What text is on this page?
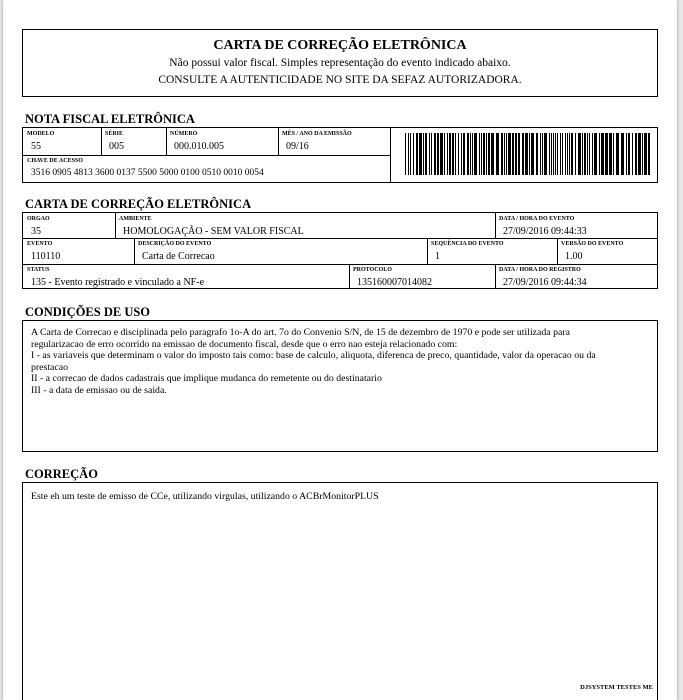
CARTA DE CORREÇÃO ELETRÔNICA
Não possui valor fiscal. Simples representação do evento indicado abaixo.
CONSULTE A AUTENTICIDADE NO SITE DA SEFAZ AUTORIZADORA.
NOTA FISCAL ELETRÔNICA
MODELO
55
SÉRIE
005
NÚMERO
000.010.005
MÊS / ANO DA EMISSÃO
09/16
CHAVE DE ACESSO
3516 0905 4813 3600 0137 5500 5000 0100 0510 0010 0054
CARTA DE CORREÇÃO ELETRÔNICA
ORGAO
35
AMBIENTE
HOMOLOGAÇÃO - SEM VALOR FISCAL
DATA / HORA DO EVENTO
27/09/2016 09:44:33
EVENTO
110110
DESCRIÇÃO DO EVENTO
Carta de Correcao
SEQUÊNCIA DO EVENTO
1
VERSÃO DO EVENTO
1.00
STATUS
135 - Evento registrado e vinculado a NF-e
PROTOCOLO
135160007014082
DATA / HORA DO REGISTRO
27/09/2016 09:44:34
CONDIÇÕES DE USO
A Carta de Correcao e disciplinada pelo paragrafo 1o-A do art. 7o do Convenio S/N, de 15 de dezembro de 1970 e pode ser utilizada para
regularizacao de erro ocorrido na emissao de documento fiscal, desde que o erro nao esteja relacionado com:
I - as variaveis que determinam o valor do imposto tais como: base de calculo, aliquota, diferenca de preco, quantidade, valor da operacao ou da
prestacao
II - a correcao de dados cadastrais que implique mudanca do remetente ou do destinatario
III - a data de emissao ou de saida.
CORREÇÃO
Este eh um teste de emisso de CCe, utilizando virgulas, utilizando o ACBrMonitorPLUS
DJSYSTEM TESTES ME
